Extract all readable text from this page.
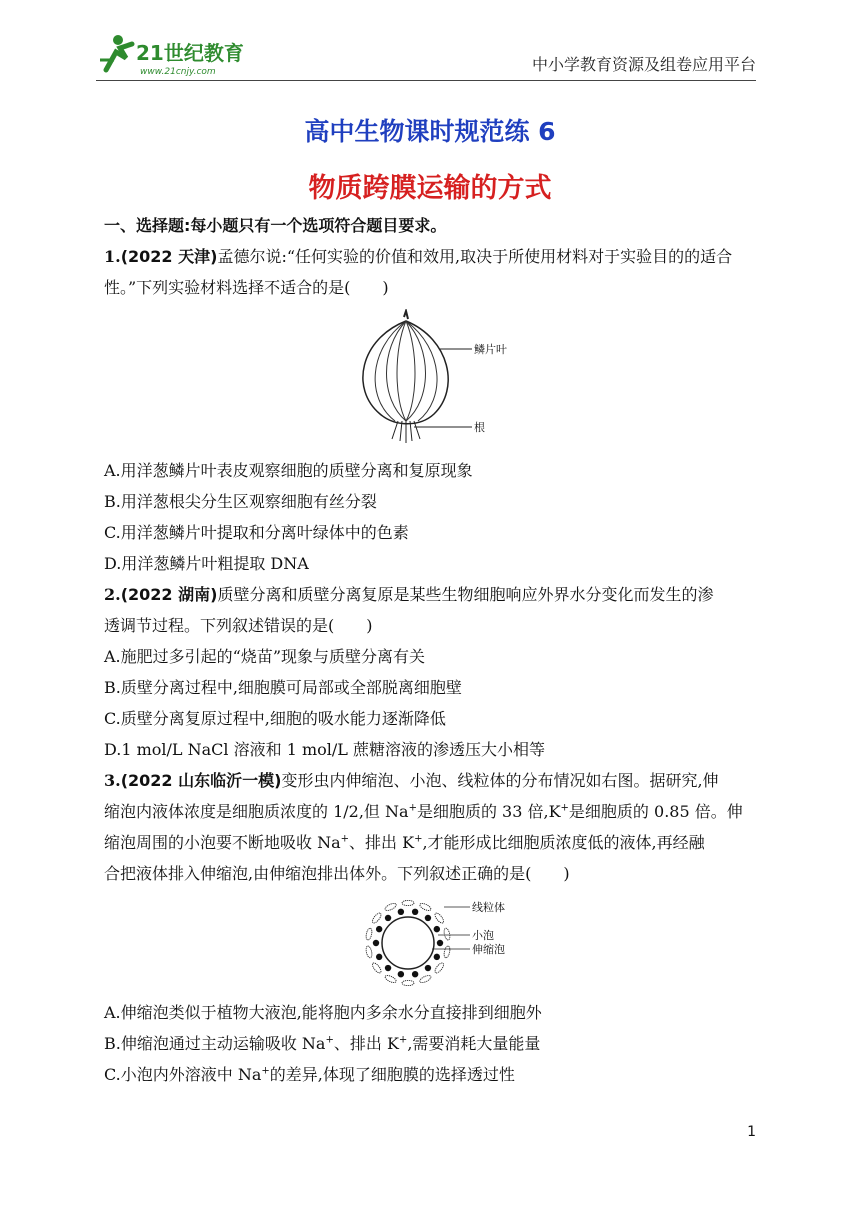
21世纪教育
www.21cnjy.com	中小学教育资源及组卷应用平台
高中生物课时规范练 6
物质跨膜运输的方式

一、选择题:每小题只有一个选项符合题目要求。

1.(2022 天津)孟德尔说:“任何实验的价值和效用,取决于所使用材料对于实验目的的适合

性。”下列实验材料选择不适合的是(　　)

鳞片叶
根

A.用洋葱鳞片叶表皮观察细胞的质壁分离和复原现象

B.用洋葱根尖分生区观察细胞有丝分裂

C.用洋葱鳞片叶提取和分离叶绿体中的色素

D.用洋葱鳞片叶粗提取 DNA

2.(2022 湖南)质壁分离和质壁分离复原是某些生物细胞响应外界水分变化而发生的渗

透调节过程。下列叙述错误的是(　　)

A.施肥过多引起的“烧苗”现象与质壁分离有关

B.质壁分离过程中,细胞膜可局部或全部脱离细胞壁

C.质壁分离复原过程中,细胞的吸水能力逐渐降低

D.1 mol/L NaCl 溶液和 1 mol/L 蔗糖溶液的渗透压大小相等

3.(2022 山东临沂一模)变形虫内伸缩泡、小泡、线粒体的分布情况如右图。据研究,伸

缩泡内液体浓度是细胞质浓度的 1/2,但 Na+是细胞质的 33 倍,K+是细胞质的 0.85 倍。伸

缩泡周围的小泡要不断地吸收 Na+、排出 K+,才能形成比细胞质浓度低的液体,再经融

合把液体排入伸缩泡,由伸缩泡排出体外。下列叙述正确的是(　　)

线粒体
小泡
伸缩泡

A.伸缩泡类似于植物大液泡,能将胞内多余水分直接排到细胞外

B.伸缩泡通过主动运输吸收 Na+、排出 K+,需要消耗大量能量

C.小泡内外溶液中 Na+的差异,体现了细胞膜的选择透过性

1
